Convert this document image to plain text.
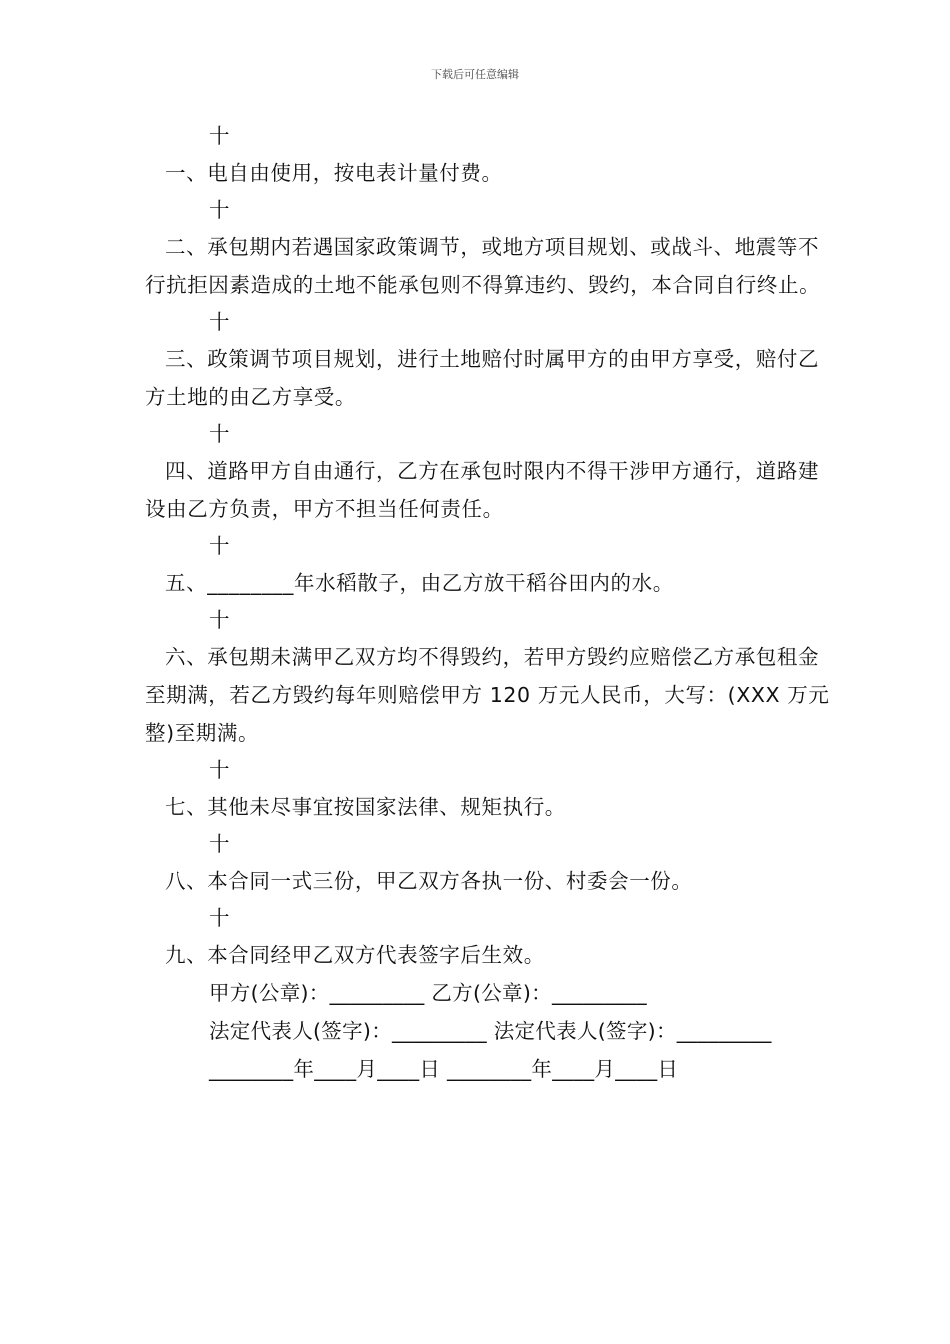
下载后可任意编辑
十

一、电自由使用，按电表计量付费。

十

二、承包期内若遇国家政策调节，或地方项目规划、或战斗、地震等不行抗拒因素造成的土地不能承包则不得算违约、毁约，本合同自行终止。

十

三、政策调节项目规划，进行土地赔付时属甲方的由甲方享受，赔付乙方土地的由乙方享受。

十

四、道路甲方自由通行，乙方在承包时限内不得干涉甲方通行，道路建设由乙方负责，甲方不担当任何责任。

十

五、________年水稻散子，由乙方放干稻谷田内的水。

十

六、承包期未满甲乙双方均不得毁约，若甲方毁约应赔偿乙方承包租金至期满，若乙方毁约每年则赔偿甲方 120 万元人民币，大写：(XXX 万元整)至期满。

十

七、其他未尽事宜按国家法律、规矩执行。

十

八、本合同一式三份，甲乙双方各执一份、村委会一份。

十

九、本合同经甲乙双方代表签字后生效。

甲方(公章)：_________ 乙方(公章)：_________

法定代表人(签字)：_________ 法定代表人(签字)：_________

________年____月____日 ________年____月____日
